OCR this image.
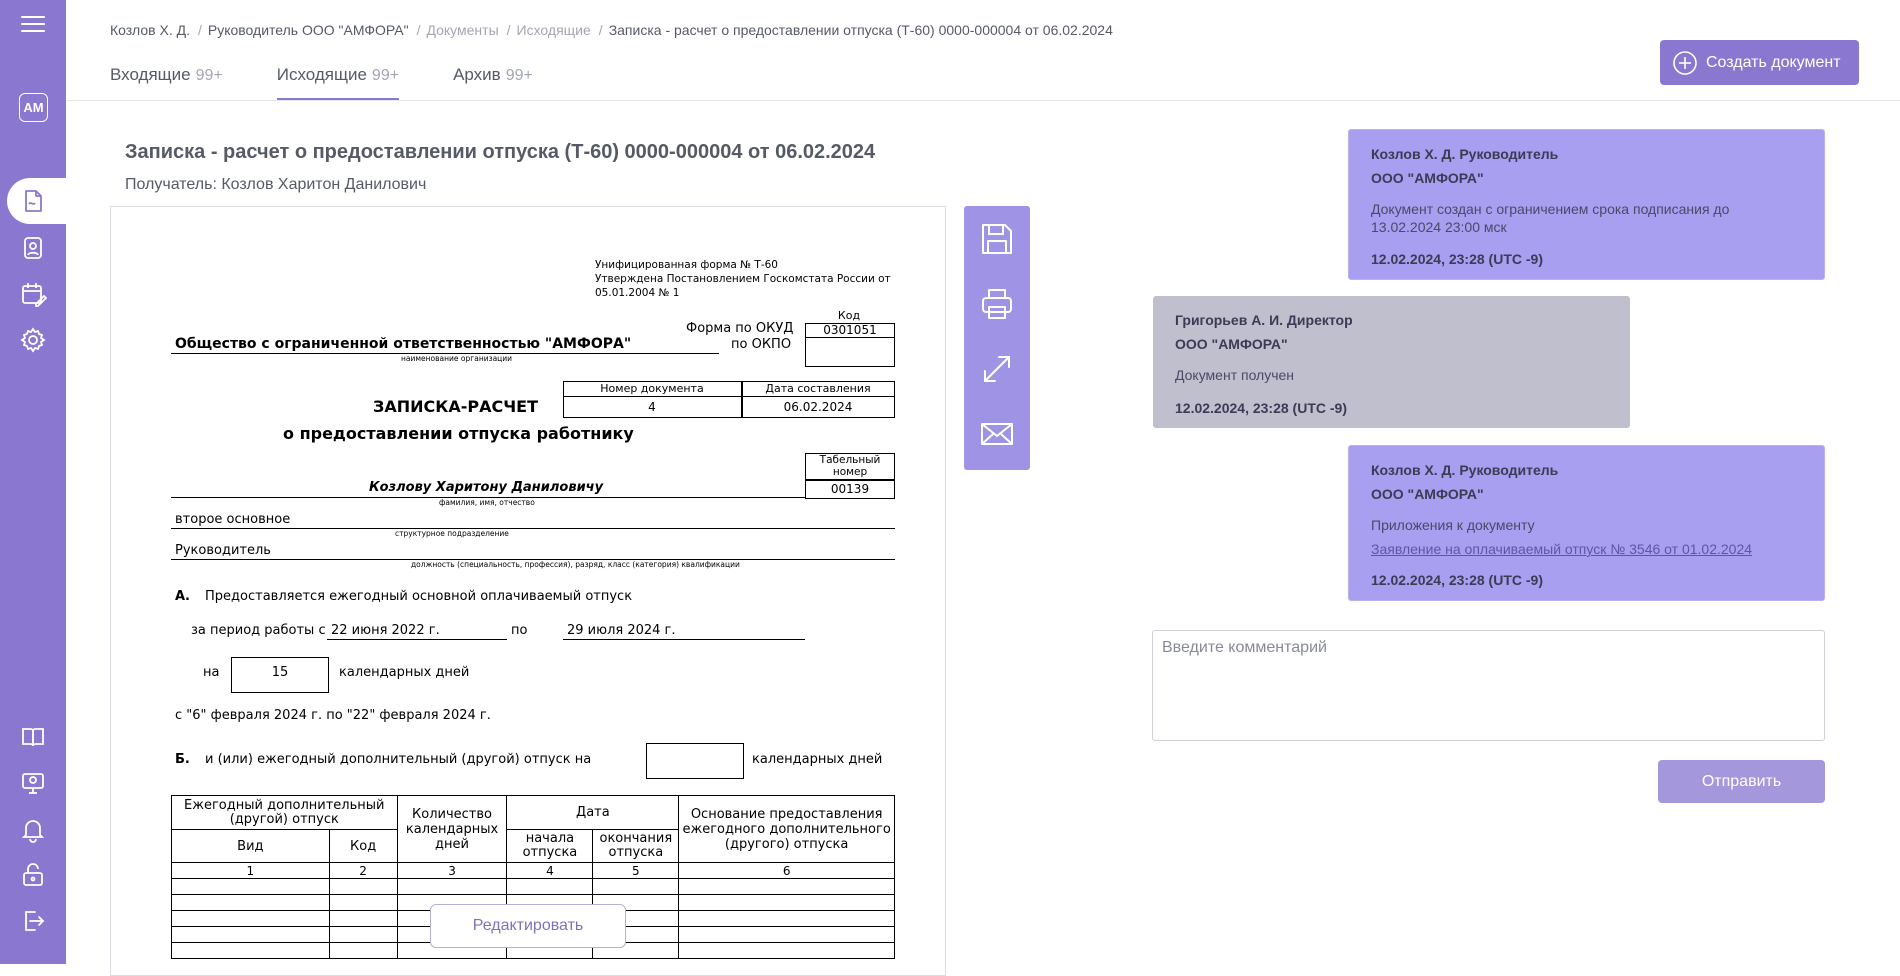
АМ
Козлов Х. Д. / Руководитель ООО "АМФОРА" / Документы / Исходящие / Записка - расчет о предоставлении отпуска (Т-60) 0000-000004 от 06.02.2024
Входящие 99+	Исходящие 99+	Архив 99+
Создать документ
Записка - расчет о предоставлении отпуска (Т-60) 0000-000004 от 06.02.2024
Получатель: Козлов Харитон Данилович
Унифицированная форма № Т-60
Утверждена Постановлением Госкомстата России от
05.01.2004 № 1
Код
0301051
Форма по ОКУД
по ОКПО
Общество с ограниченной ответственностью "АМФОРА"
наименование организации
Номер документа	Дата составления
4	06.02.2024
ЗАПИСКА-РАСЧЕТ
о предоставлении отпуска работнику
Табельный номер
00139
Козлову Харитону Даниловичу
фамилия, имя, отчество
второе основное
структурное подразделение
Руководитель
должность (специальность, профессия), разряд, класс (категория) квалификации
А. Предоставляется ежегодный основной оплачиваемый отпуск
за период работы с 22 июня 2022 г.	по	29 июля 2024 г.
на	15	календарных дней
с "6" февраля 2024 г. по "22" февраля 2024 г.
Б. и (или) ежегодный дополнительный (другой) отпуск на	календарных дней
Ежегодный дополнительный (другой) отпуск		Количество календарных дней	Дата		Основание предоставления ежегодного дополнительного (другого) отпуска
Вид	Код		начала отпуска	окончания отпуска	
1	2	3	4	5	6

Редактировать
Козлов Х. Д. Руководитель
ООО "АМФОРА"
Документ создан с ограничением срока подписания до 13.02.2024 23:00 мск
12.02.2024, 23:28 (UTC -9)
Григорьев А. И. Директор
ООО "АМФОРА"
Документ получен
12.02.2024, 23:28 (UTC -9)
Козлов Х. Д. Руководитель
ООО "АМФОРА"
Приложения к документу
Заявление на оплачиваемый отпуск № 3546 от 01.02.2024
12.02.2024, 23:28 (UTC -9)
Введите комментарий
Отправить
